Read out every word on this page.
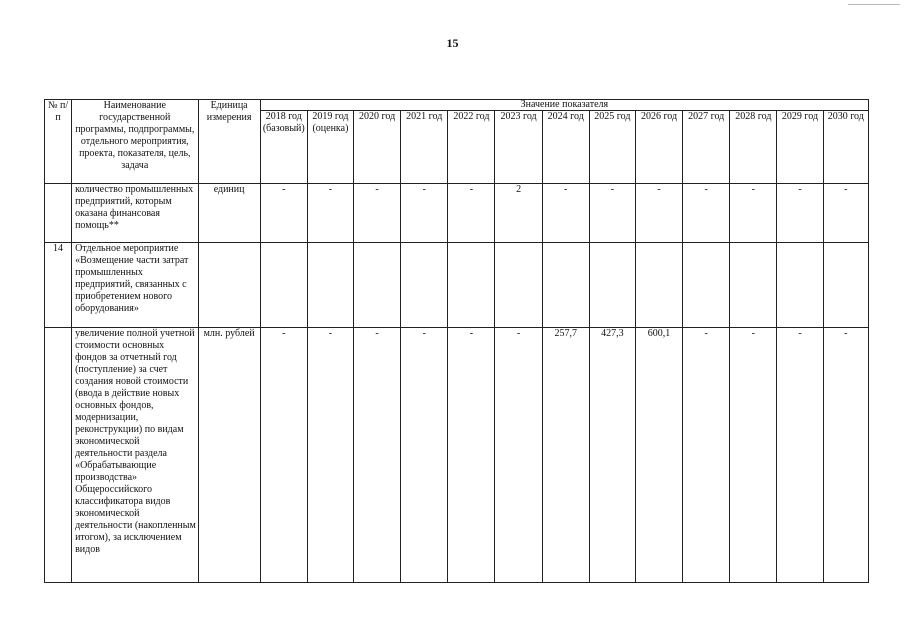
15
№ п/п	Наименование государственной программы, подпрограммы, отдельного мероприятия, проекта, показателя, цель, задача	Единица измерения	Значение показателя												
			2018 год (базовый)	2019 год (оценка)	2020 год	2021 год	2022 год	2023 год	2024 год	2025 год	2026 год	2027 год	2028 год	2029 год	2030 год
	количество промышленных предприятий, которым оказана финансовая помощь**	единиц	-	-	-	-	-	2	-	-	-	-	-	-	-
14	Отдельное мероприятие «Возмещение части затрат промышленных предприятий, связанных с приобретением нового оборудования»														
	увеличение полной учетной стоимости основных фондов за отчетный год (поступление) за счет создания новой стоимости (ввода в действие новых основных фондов, модернизации, реконструкции) по видам экономической деятельности раздела «Обрабатывающие производства» Общероссийского классификатора видов экономической деятельности (накопленным итогом), за исключением видов	млн. рублей	-	-	-	-	-	-	257,7	427,3	600,1	-	-	-	-
